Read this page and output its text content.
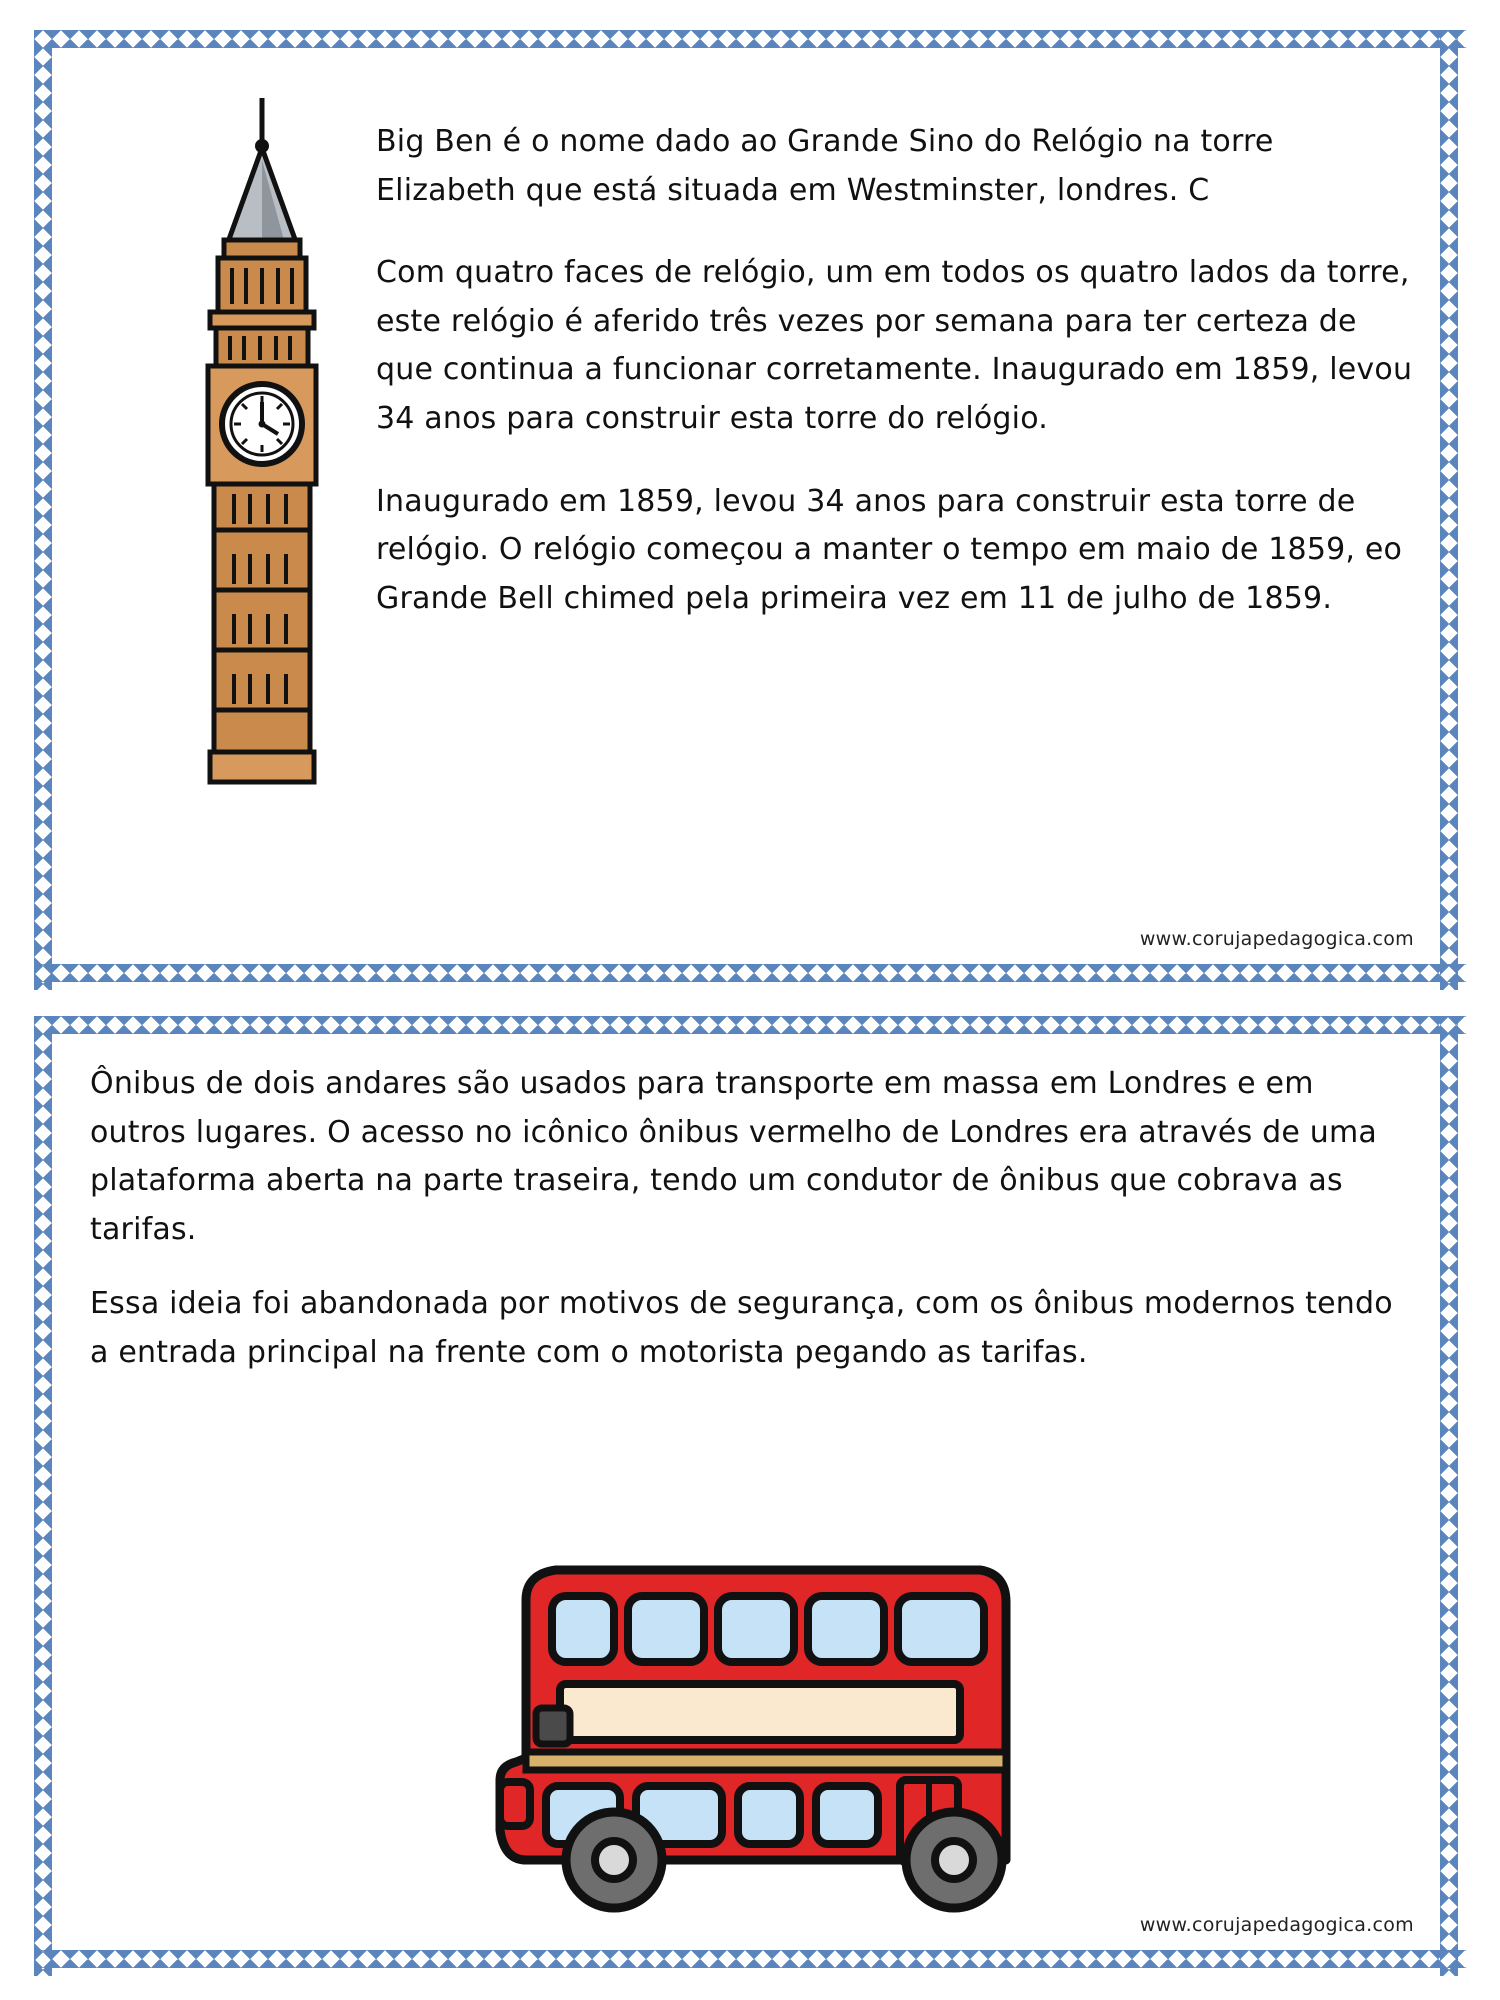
Big Ben é o nome dado ao Grande Sino do Relógio na torre Elizabeth que está situada em Westminster, londres. C

Com quatro faces de relógio, um em todos os quatro lados da torre, este relógio é aferido três vezes por semana para ter certeza de que continua a funcionar corretamente. Inaugurado em 1859, levou 34 anos para construir esta torre do relógio.

Inaugurado em 1859, levou 34 anos para construir esta torre de relógio. O relógio começou a manter o tempo em maio de 1859, eo Grande Bell chimed pela primeira vez em 11 de julho de 1859.

www.corujapedagogica.com

Ônibus de dois andares são usados para transporte em massa em Londres e em outros lugares. O acesso no icônico ônibus vermelho de Londres era através de uma plataforma aberta na parte traseira, tendo um condutor de ônibus que cobrava as tarifas.

Essa ideia foi abandonada por motivos de segurança, com os ônibus modernos tendo a entrada principal na frente com o motorista pegando as tarifas.

www.corujapedagogica.com
